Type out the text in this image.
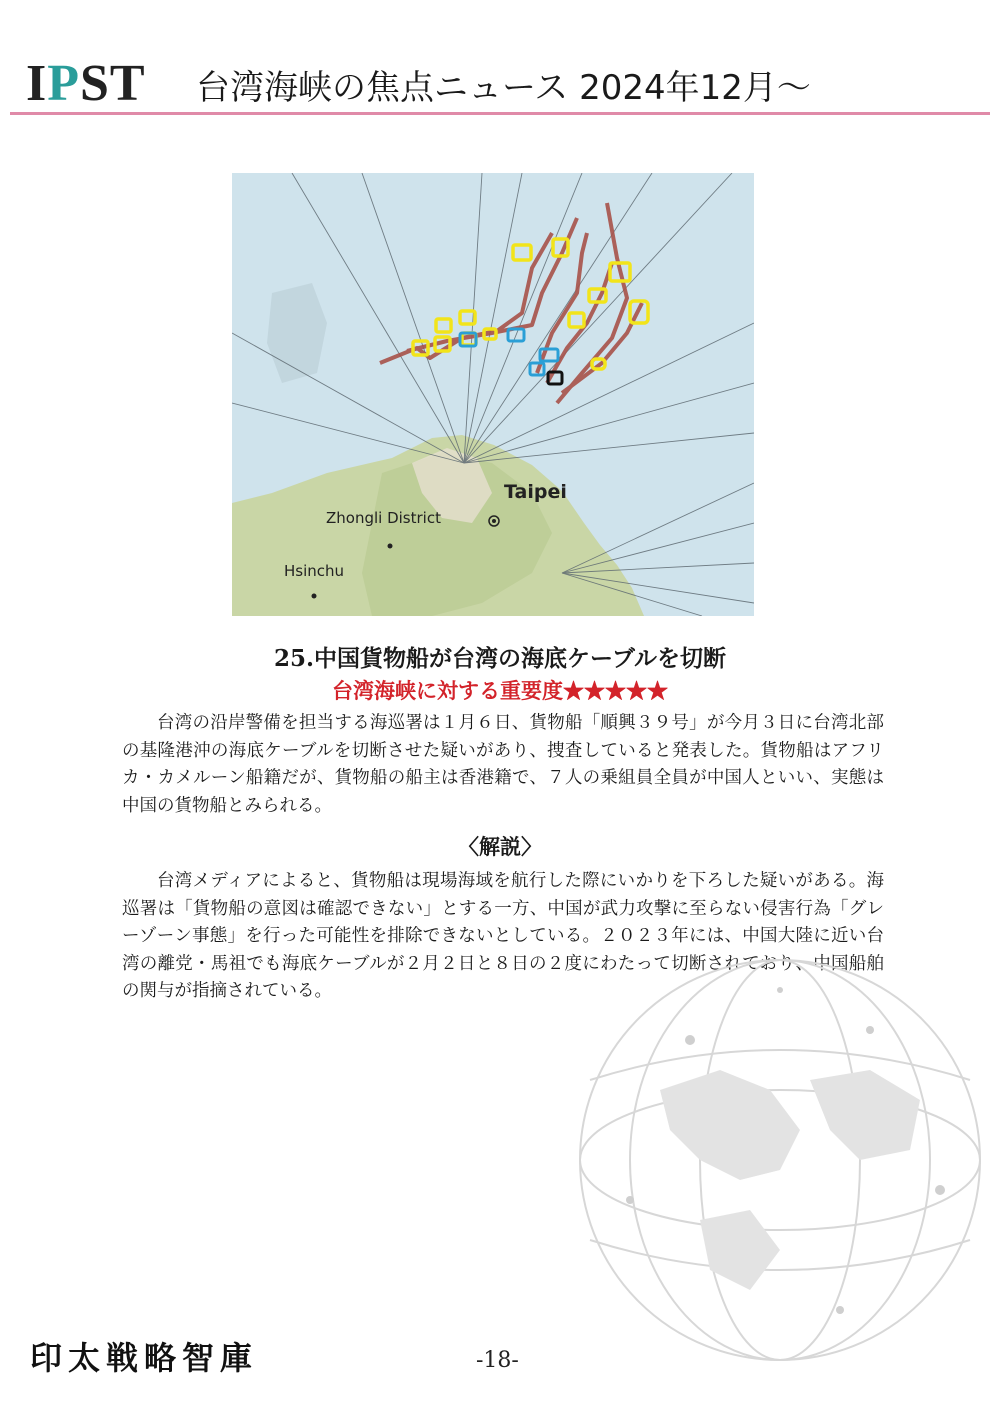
IPST 台湾海峡の焦点ニュース 2024年12月～
Taipei
Zhongli District
Hsinchu
25.中国貨物船が台湾の海底ケーブルを切断
台湾海峡に対する重要度★★★★★

台湾の沿岸警備を担当する海巡署は１月６日、貨物船「順興３９号」が今月３日に台湾北部の基隆港沖の海底ケーブルを切断させた疑いがあり、捜査していると発表した。貨物船はアフリカ・カメルーン船籍だが、貨物船の船主は香港籍で、７人の乗組員全員が中国人といい、実態は中国の貨物船とみられる。

〈解説〉

台湾メディアによると、貨物船は現場海域を航行した際にいかりを下ろした疑いがある。海巡署は「貨物船の意図は確認できない」とする一方、中国が武力攻撃に至らない侵害行為「グレーゾーン事態」を行った可能性を排除できないとしている。２０２３年には、中国大陸に近い台湾の離党・馬祖でも海底ケーブルが２月２日と８日の２度にわたって切断されており、中国船舶の関与が指摘されている。

印太戦略智庫	-18-
